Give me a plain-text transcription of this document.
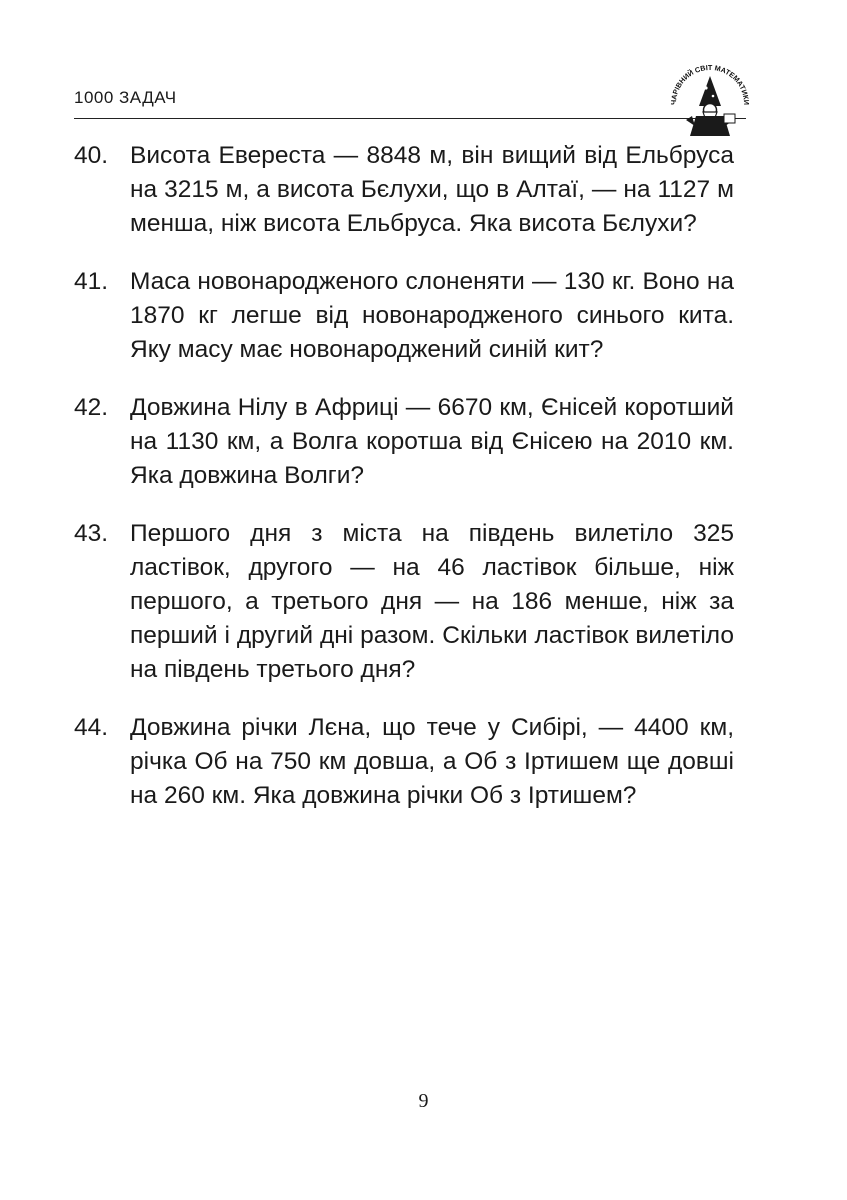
1000 ЗАДАЧ	ЧАРІВНИЙ СВІТ МАТЕМАТИКИ
40. Висота Евереста — 8848 м, він вищий від Ельбруса на 3215 м, а висота Бєлухи, що в Алтаї, — на 1127 м менша, ніж висота Ельбруса. Яка висота Бєлухи?
41. Маса новонародженого слоненяти — 130 кг. Воно на 1870 кг легше від новонародженого синього кита. Яку масу має новонароджений синій кит?
42. Довжина Нілу в Африці — 6670 км, Єнісей коротший на 1130 км, а Волга коротша від Єнісею на 2010 км. Яка довжина Волги?
43. Першого дня з міста на південь вилетіло 325 ластівок, другого — на 46 ластівок більше, ніж першого, а третього дня — на 186 менше, ніж за перший і другий дні разом. Скільки ластівок вилетіло на південь третього дня?
44. Довжина річки Лєна, що тече у Сибірі, — 4400 км, річка Об на 750 км довша, а Об з Іртишем ще довші на 260 км. Яка довжина річки Об з Іртишем?
9
